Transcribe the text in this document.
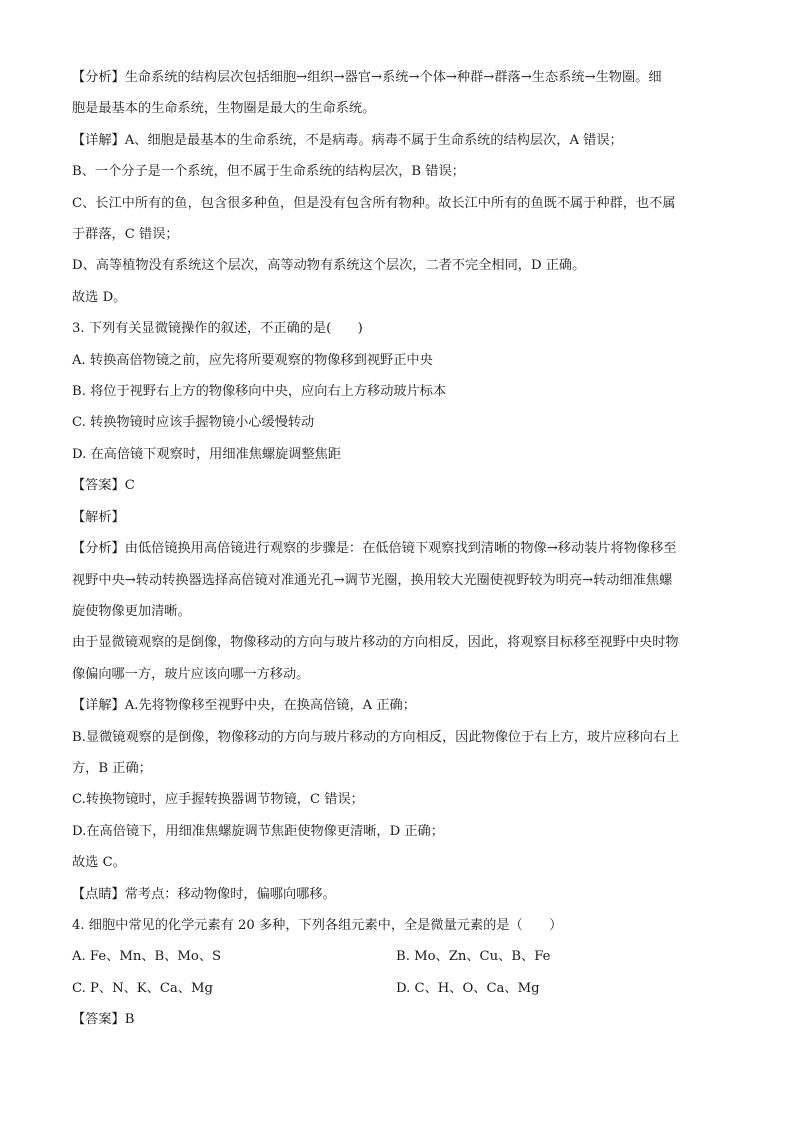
【分析】生命系统的结构层次包括细胞→组织→器官→系统→个体→种群→群落→生态系统→生物圈。细
胞是最基本的生命系统，生物圈是最大的生命系统。

【详解】A、细胞是最基本的生命系统，不是病毒。病毒不属于生命系统的结构层次，A 错误；

B、一个分子是一个系统，但不属于生命系统的结构层次，B 错误；

C、长江中所有的鱼，包含很多种鱼，但是没有包含所有物种。故长江中所有的鱼既不属于种群，也不属
于群落，C 错误；

D、高等植物没有系统这个层次，高等动物有系统这个层次，二者不完全相同，D 正确。

故选 D。

3. 下列有关显微镜操作的叙述，不正确的是(　　)

A. 转换高倍物镜之前，应先将所要观察的物像移到视野正中央

B. 将位于视野右上方的物像移向中央，应向右上方移动玻片标本

C. 转换物镜时应该手握物镜小心缓慢转动

D. 在高倍镜下观察时，用细准焦螺旋调整焦距

【答案】C

【解析】

【分析】由低倍镜换用高倍镜进行观察的步骤是：在低倍镜下观察找到清晰的物像→移动装片将物像移至
视野中央→转动转换器选择高倍镜对准通光孔→调节光圈，换用较大光圈使视野较为明亮→转动细准焦螺
旋使物像更加清晰。
由于显微镜观察的是倒像，物像移动的方向与玻片移动的方向相反，因此，将观察目标移至视野中央时物
像偏向哪一方，玻片应该向哪一方移动。

【详解】A.先将物像移至视野中央，在换高倍镜，A 正确；

B.显微镜观察的是倒像，物像移动的方向与玻片移动的方向相反，因此物像位于右上方，玻片应移向右上
方，B 正确；

C.转换物镜时，应手握转换器调节物镜，C 错误；

D.在高倍镜下，用细准焦螺旋调节焦距使物像更清晰，D 正确；

故选 C。

【点睛】常考点：移动物像时，偏哪向哪移。

4. 细胞中常见的化学元素有 20 多种，下列各组元素中，全是微量元素的是（　　）

A. Fe、Mn、B、Mo、S	B. Mo、Zn、Cu、B、Fe
C. P、N、K、Ca、Mg	D. C、H、O、Ca、Mg

【答案】B
